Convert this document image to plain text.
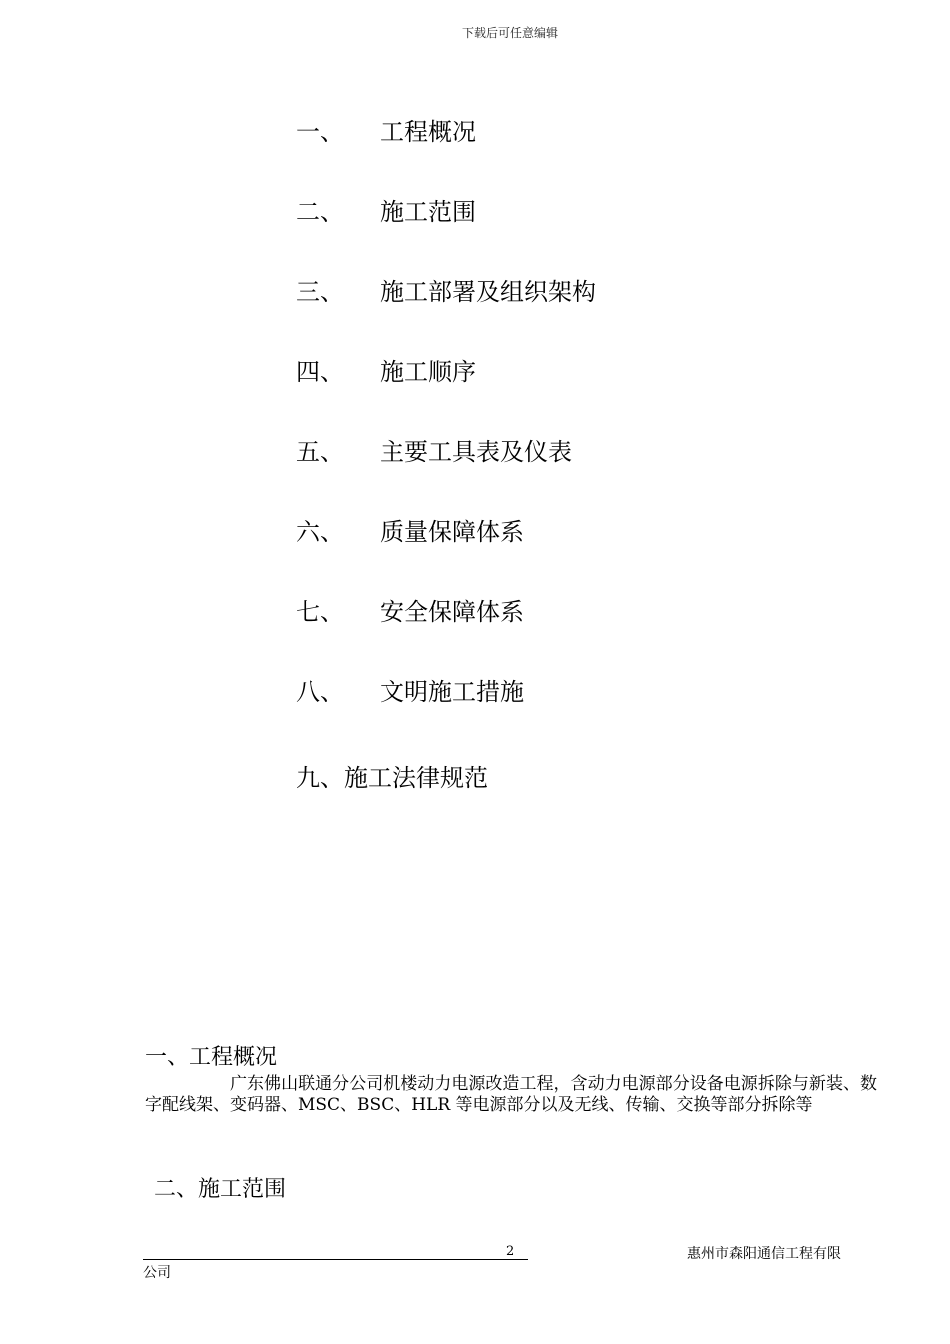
下载后可任意编辑
一、 工程概况
二、 施工范围
三、 施工部署及组织架构
四、 施工顺序
五、 主要工具表及仪表
六、 质量保障体系
七、 安全保障体系
八、 文明施工措施
九、施工法律规范
一、工程概况
广东佛山联通分公司机楼动力电源改造工程，含动力电源部分设备电源拆除与新装、数字配线架、变码器、MSC、BSC、HLR 等电源部分以及无线、传输、交换等部分拆除等
二、施工范围
2	惠州市森阳通信工程有限
公司
